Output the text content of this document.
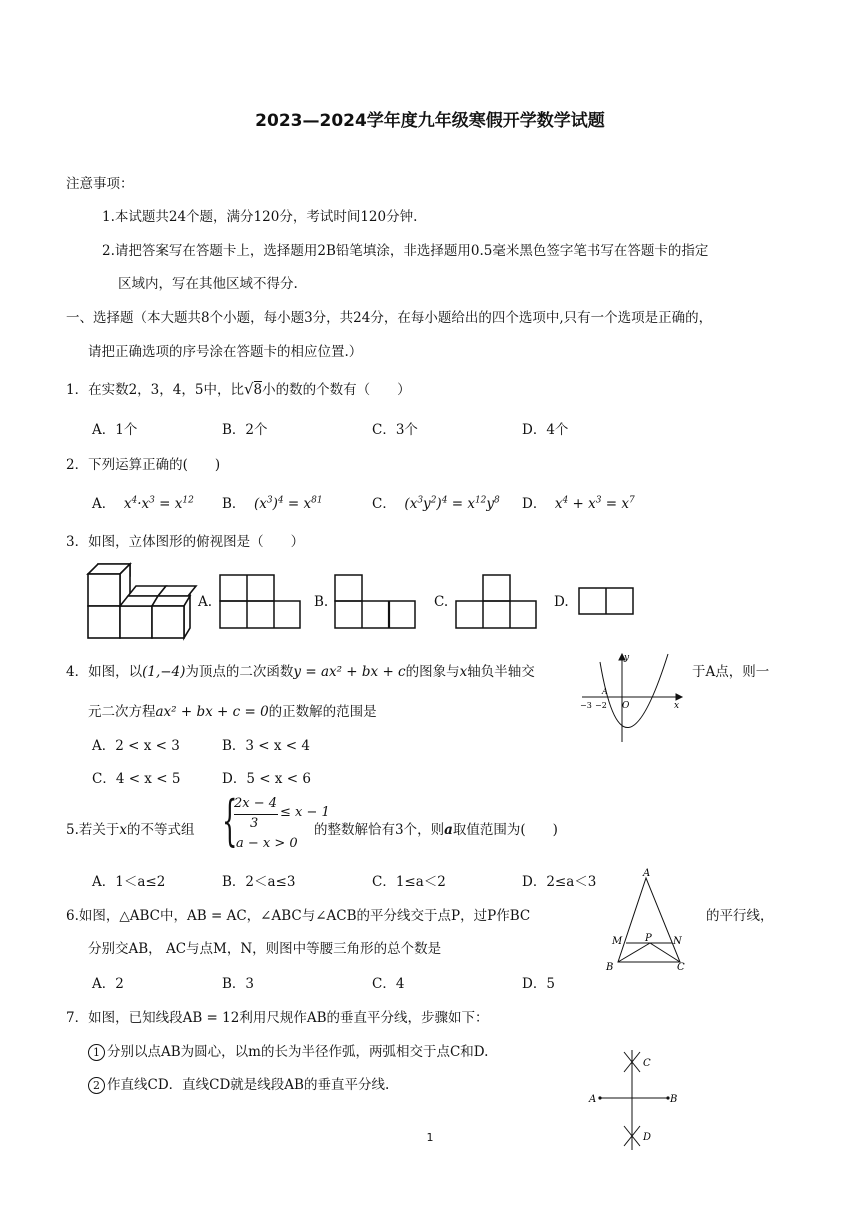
2023—2024学年度九年级寒假开学数学试题
注意事项：
1.本试题共24个题，满分120分，考试时间120分钟.
2.请把答案写在答题卡上，选择题用2B铅笔填涂，非选择题用0.5毫米黑色签字笔书写在答题卡的指定
区域内，写在其他区域不得分.
一、选择题（本大题共8个小题，每小题3分，共24分，在每小题给出的四个选项中,只有一个选项是正确的，
请把正确选项的序号涂在答题卡的相应位置.）
1．在实数2，3，4，5中，比√8小的数的个数有（　　）
A．1个	B．2个	C．3个	D．4个
2．下列运算正确的(　　)
A．  $x^4\cdot x^3 = x^{12}$ B．  $(x^3)^4 = x^{81}$	C．  $(x^3y^2)^4 = x^{12}y^8$ D．  $x^4 + x^3 = x^7$
3．如图，立体图形的俯视图是（　　）
A.	B.	C.	D.
4．如图，以(1,−4)为顶点的二次函数y = ax² + bx + c的图象与x轴负半轴交	于A点，则一
元二次方程ax² + bx + c = 0的正数解的范围是
A．2 < x < 3	B．3 < x < 4
C．4 < x < 5	D．5 < x < 6
y
x
O
A
−3 −2
5.若关于x的不等式组 {
2x − 4
3
≤ x − 1
a − x > 0
的整数解恰有3个，则a取值范围为(　　)
A．1＜a≤2	B．2＜a≤3	C．1≤a＜2	D．2≤a＜3
6.如图，△ABC中，AB = AC，∠ABC与∠ACB的平分线交于点P，过P作BC	的平行线，
分别交AB， AC与点M，N，则图中等腰三角形的总个数是
A．2	B．3	C．4	D．5
A
B	C
M	N
P
7．如图，已知线段AB = 12利用尺规作AB的垂直平分线，步骤如下：
1 分别以点AB为圆心，以m的长为半径作弧，两弧相交于点C和D.
2 作直线CD．直线CD就是线段AB的垂直平分线.
A	B
C
D
1
